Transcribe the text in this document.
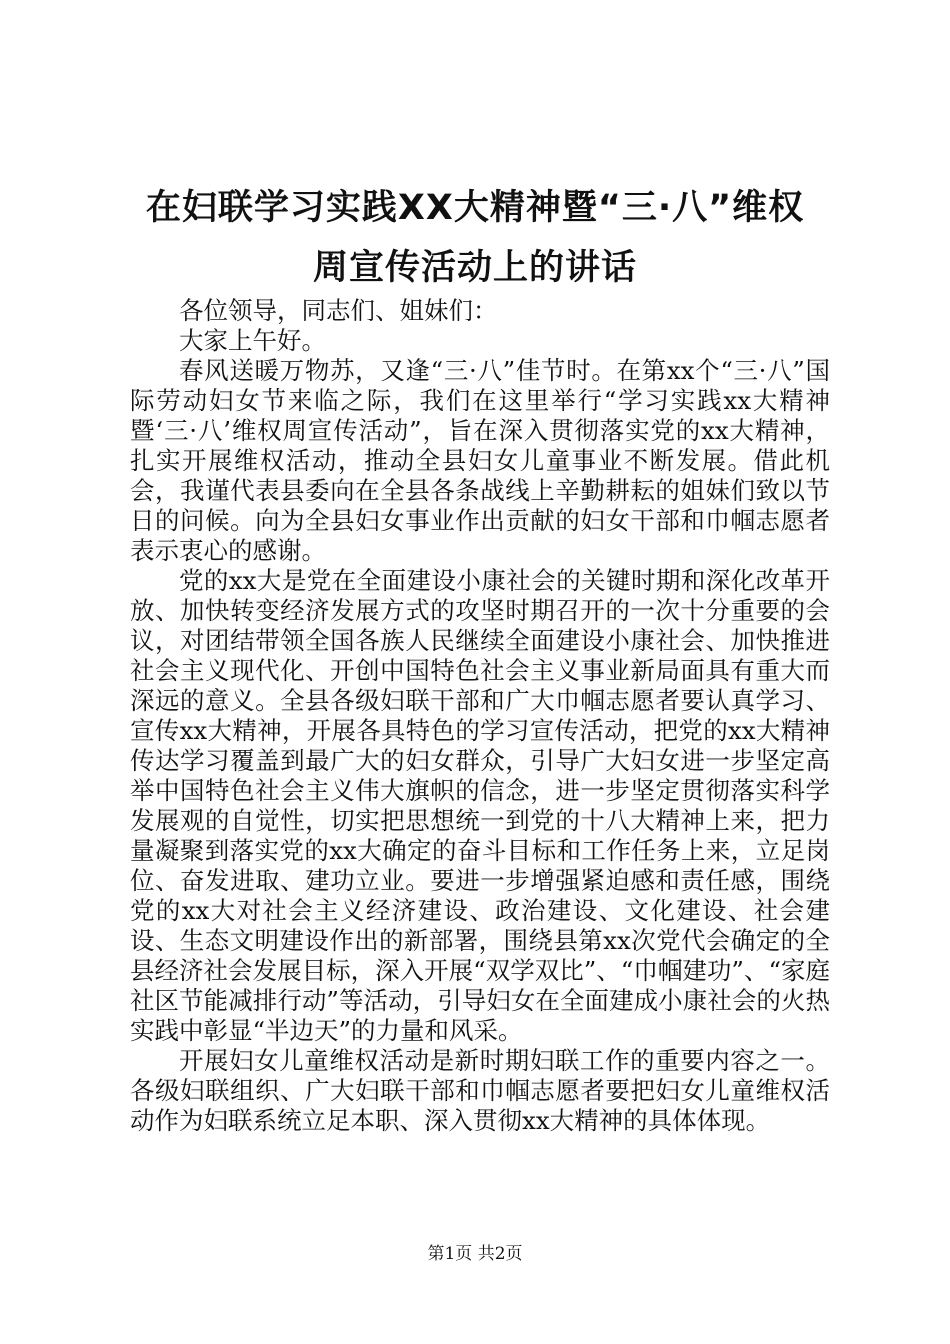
在妇联学习实践XX大精神暨“三·八”维权
周宣传活动上的讲话

各位领导，同志们、姐妹们：

大家上午好。

春风送暖万物苏，又逢“三·八”佳节时。在第xx个“三·八”国际劳动妇女节来临之际，我们在这里举行“学习实践xx大精神暨‘三·八’维权周宣传活动”，旨在深入贯彻落实党的xx大精神，扎实开展维权活动，推动全县妇女儿童事业不断发展。借此机会，我谨代表县委向在全县各条战线上辛勤耕耘的姐妹们致以节日的问候。向为全县妇女事业作出贡献的妇女干部和巾帼志愿者表示衷心的感谢。

党的xx大是党在全面建设小康社会的关键时期和深化改革开放、加快转变经济发展方式的攻坚时期召开的一次十分重要的会议，对团结带领全国各族人民继续全面建设小康社会、加快推进社会主义现代化、开创中国特色社会主义事业新局面具有重大而深远的意义。全县各级妇联干部和广大巾帼志愿者要认真学习、宣传xx大精神，开展各具特色的学习宣传活动，把党的xx大精神传达学习覆盖到最广大的妇女群众，引导广大妇女进一步坚定高举中国特色社会主义伟大旗帜的信念，进一步坚定贯彻落实科学发展观的自觉性，切实把思想统一到党的十八大精神上来，把力量凝聚到落实党的xx大确定的奋斗目标和工作任务上来，立足岗位、奋发进取、建功立业。要进一步增强紧迫感和责任感，围绕党的xx大对社会主义经济建设、政治建设、文化建设、社会建设、生态文明建设作出的新部署，围绕县第xx次党代会确定的全县经济社会发展目标，深入开展“双学双比”、“巾帼建功”、“家庭社区节能减排行动”等活动，引导妇女在全面建成小康社会的火热实践中彰显“半边天”的力量和风采。

开展妇女儿童维权活动是新时期妇联工作的重要内容之一。各级妇联组织、广大妇联干部和巾帼志愿者要把妇女儿童维权活动作为妇联系统立足本职、深入贯彻xx大精神的具体体现。

第1页 共2页
